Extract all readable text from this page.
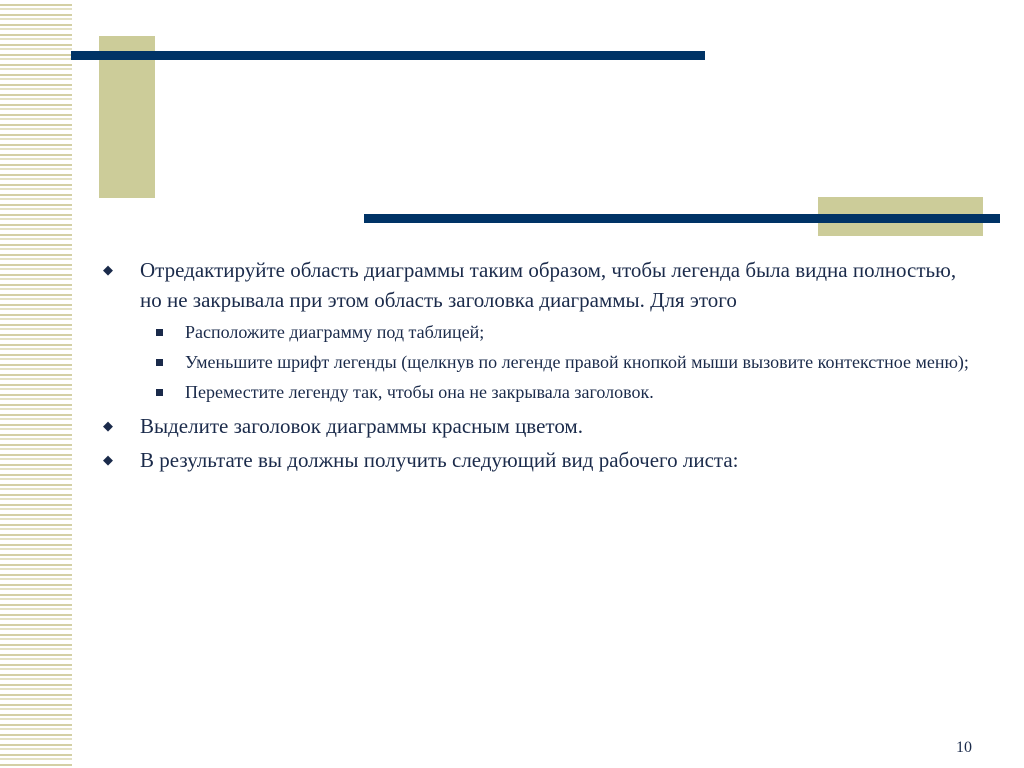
◆ Отредактируйте область диаграммы таким образом, чтобы легенда была видна полностью, но не закрывала при этом область заголовка диаграммы. Для этого
Расположите диаграмму под таблицей;
Уменьшите шрифт легенды (щелкнув по легенде правой кнопкой мыши вызовите контекстное меню);
Переместите легенду так, чтобы она не закрывала заголовок.
◆ Выделите заголовок диаграммы красным цветом.
◆ В результате вы должны получить следующий вид рабочего листа:
10
